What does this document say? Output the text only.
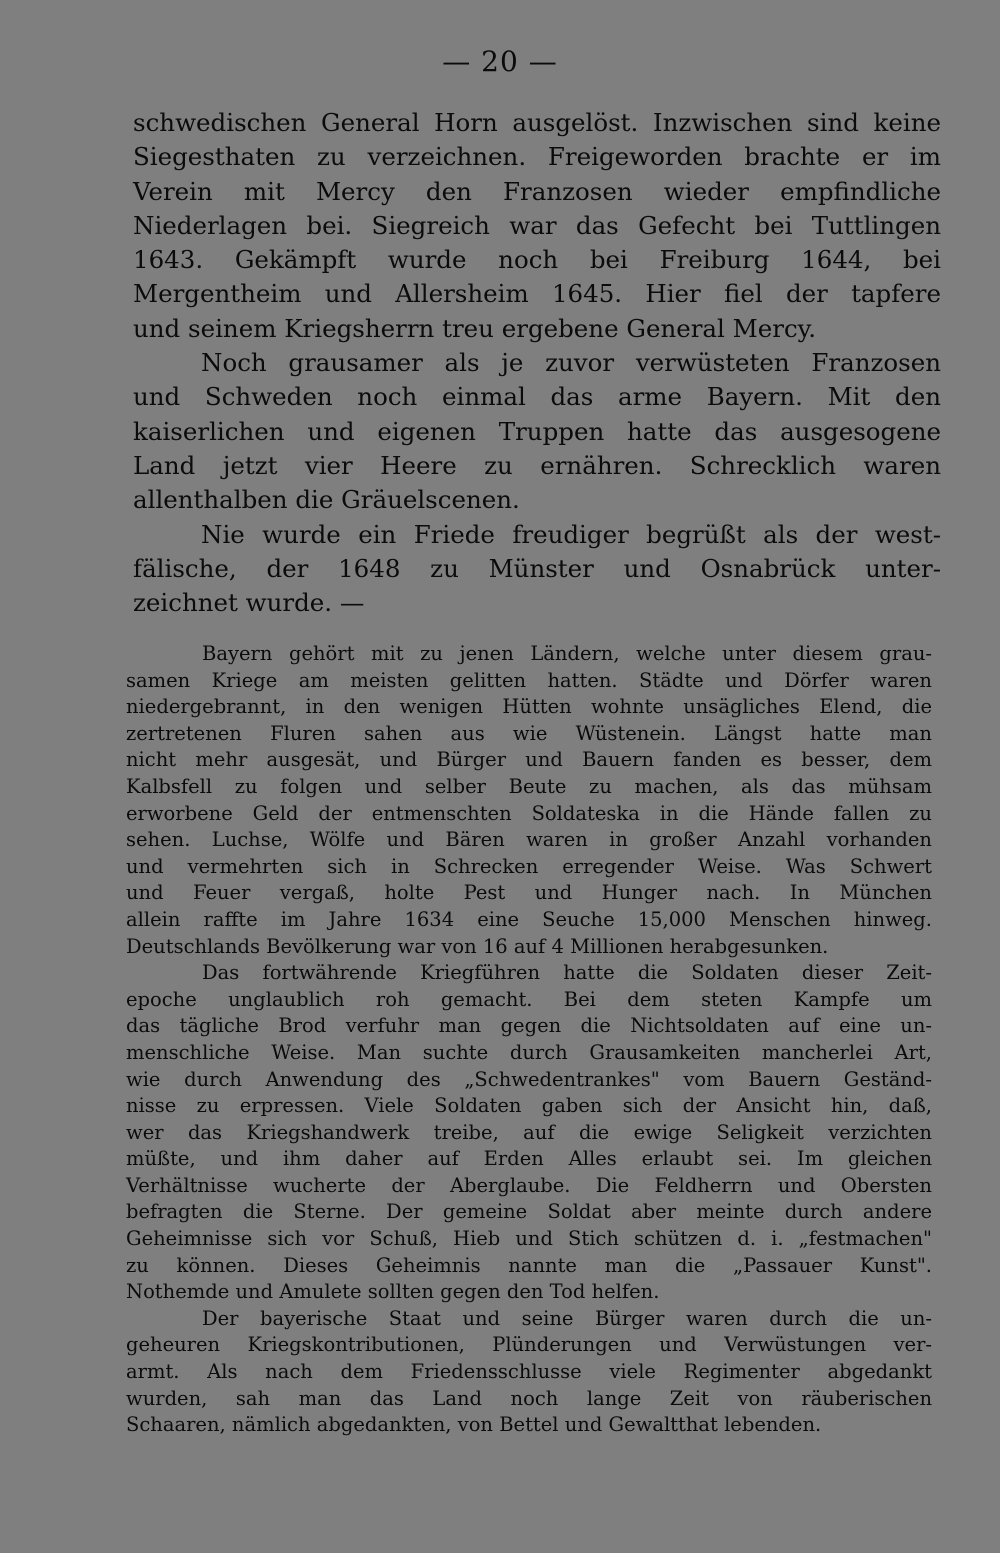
— 20 —
schwedischen General Horn ausgelöst. Inzwischen sind keine
Siegesthaten zu verzeichnen. Freigeworden brachte er im
Verein mit Mercy den Franzosen wieder empfindliche
Niederlagen bei. Siegreich war das Gefecht bei Tuttlingen
1643. Gekämpft wurde noch bei Freiburg 1644, bei
Mergentheim und Allersheim 1645. Hier fiel der tapfere
und seinem Kriegsherrn treu ergebene General Mercy.
Noch grausamer als je zuvor verwüsteten Franzosen
und Schweden noch einmal das arme Bayern. Mit den
kaiserlichen und eigenen Truppen hatte das ausgesogene
Land jetzt vier Heere zu ernähren. Schrecklich waren
allenthalben die Gräuelscenen.
Nie wurde ein Friede freudiger begrüßt als der west-
fälische, der 1648 zu Münster und Osnabrück unter-
zeichnet wurde. —
Bayern gehört mit zu jenen Ländern, welche unter diesem grau-
samen Kriege am meisten gelitten hatten. Städte und Dörfer waren
niedergebrannt, in den wenigen Hütten wohnte unsägliches Elend, die
zertretenen Fluren sahen aus wie Wüstenein. Längst hatte man
nicht mehr ausgesät, und Bürger und Bauern fanden es besser, dem
Kalbsfell zu folgen und selber Beute zu machen, als das mühsam
erworbene Geld der entmenschten Soldateska in die Hände fallen zu
sehen. Luchse, Wölfe und Bären waren in großer Anzahl vorhanden
und vermehrten sich in Schrecken erregender Weise. Was Schwert
und Feuer vergaß, holte Pest und Hunger nach. In München
allein raffte im Jahre 1634 eine Seuche 15,000 Menschen hinweg.
Deutschlands Bevölkerung war von 16 auf 4 Millionen herabgesunken.
Das fortwährende Kriegführen hatte die Soldaten dieser Zeit-
epoche unglaublich roh gemacht. Bei dem steten Kampfe um
das tägliche Brod verfuhr man gegen die Nichtsoldaten auf eine un-
menschliche Weise. Man suchte durch Grausamkeiten mancherlei Art,
wie durch Anwendung des „Schwedentrankes" vom Bauern Geständ-
nisse zu erpressen. Viele Soldaten gaben sich der Ansicht hin, daß,
wer das Kriegshandwerk treibe, auf die ewige Seligkeit verzichten
müßte, und ihm daher auf Erden Alles erlaubt sei. Im gleichen
Verhältnisse wucherte der Aberglaube. Die Feldherrn und Obersten
befragten die Sterne. Der gemeine Soldat aber meinte durch andere
Geheimnisse sich vor Schuß, Hieb und Stich schützen d. i. „festmachen"
zu können. Dieses Geheimnis nannte man die „Passauer Kunst".
Nothemde und Amulete sollten gegen den Tod helfen.
Der bayerische Staat und seine Bürger waren durch die un-
geheuren Kriegskontributionen, Plünderungen und Verwüstungen ver-
armt. Als nach dem Friedensschlusse viele Regimenter abgedankt
wurden, sah man das Land noch lange Zeit von räuberischen
Schaaren, nämlich abgedankten, von Bettel und Gewaltthat lebenden.
